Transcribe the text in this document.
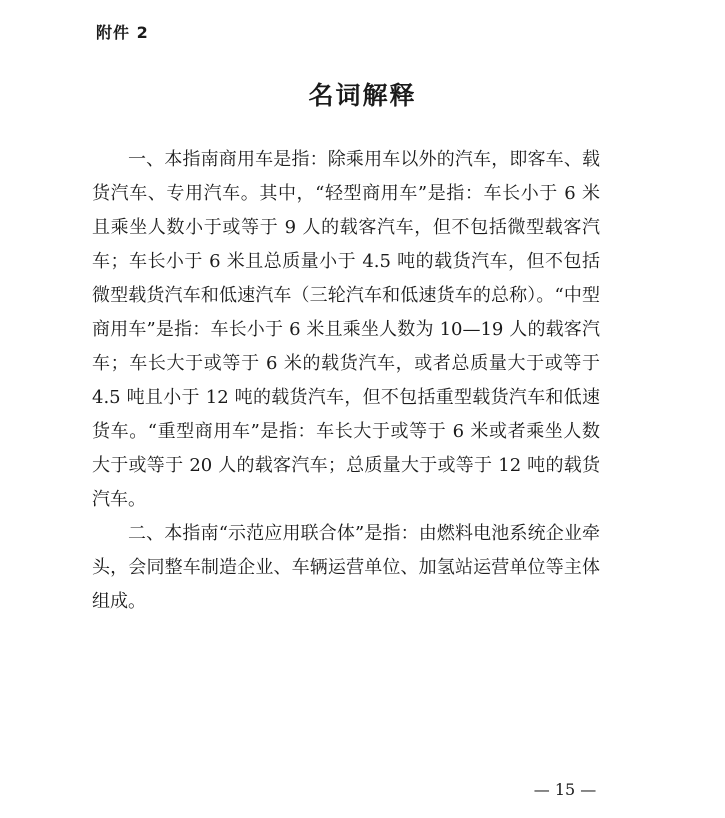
附件 2
名词解释

一、本指南商用车是指：除乘用车以外的汽车，即客车、载货汽车、专用汽车。其中，“轻型商用车”是指：车长小于 6 米且乘坐人数小于或等于 9 人的载客汽车，但不包括微型载客汽车；车长小于 6 米且总质量小于 4.5 吨的载货汽车，但不包括微型载货汽车和低速汽车（三轮汽车和低速货车的总称）。“中型商用车”是指：车长小于 6 米且乘坐人数为 10—19 人的载客汽车；车长大于或等于 6 米的载货汽车，或者总质量大于或等于 4.5 吨且小于 12 吨的载货汽车，但不包括重型载货汽车和低速货车。“重型商用车”是指：车长大于或等于 6 米或者乘坐人数大于或等于 20 人的载客汽车；总质量大于或等于 12 吨的载货汽车。

二、本指南“示范应用联合体”是指：由燃料电池系统企业牵头，会同整车制造企业、车辆运营单位、加氢站运营单位等主体组成。

— 15 —
